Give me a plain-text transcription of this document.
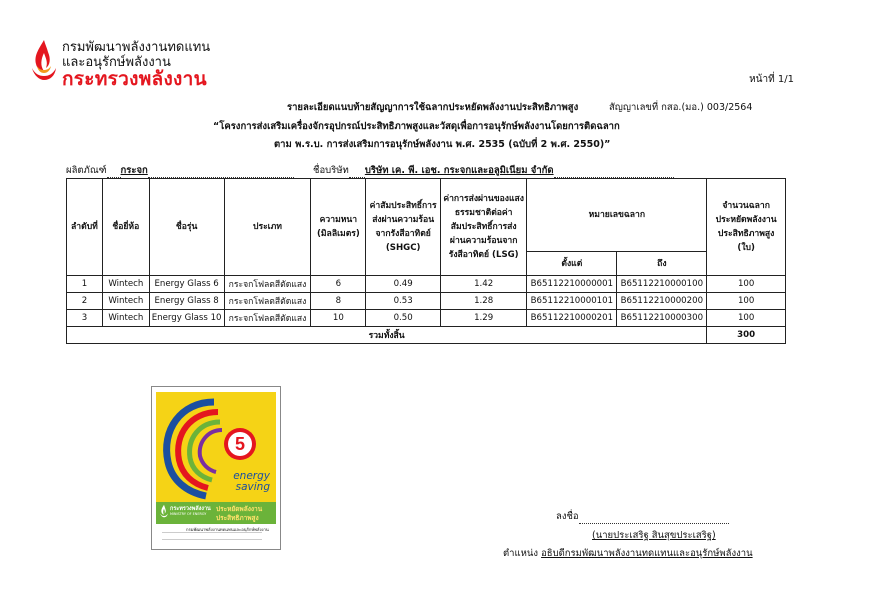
กรมพัฒนาพลังงานทดแทน
และอนุรักษ์พลังงาน
กระทรวงพลังงาน	หน้าที่ 1/1
รายละเอียดแนบท้ายสัญญาการใช้ฉลากประหยัดพลังงานประสิทธิภาพสูง	สัญญาเลขที่ กสอ.(มอ.) 003/2564
“โครงการส่งเสริมเครื่องจักรอุปกรณ์ประสิทธิภาพสูงและวัสดุเพื่อการอนุรักษ์พลังงานโดยการติดฉลาก
ตาม พ.ร.บ. การส่งเสริมการอนุรักษ์พลังงาน พ.ศ. 2535 (ฉบับที่ 2 พ.ศ. 2550)”
ผลิตภัณฑ์ กระจก	ชื่อบริษัท บริษัท เค. พี. เอช. กระจกและอลูมิเนียม จำกัด
ลำดับที่	ชื่อยี่ห้อ	ชื่อรุ่น	ประเภท	ความหนา (มิลลิเมตร)	ค่าสัมประสิทธิ์การส่งผ่านความร้อนจากรังสีอาทิตย์ (SHGC)	ค่าการส่งผ่านของแสงธรรมชาติต่อค่าสัมประสิทธิ์การส่งผ่านความร้อนจากรังสีอาทิตย์ (LSG)	หมายเลขฉลาก		จำนวนฉลากประหยัดพลังงานประสิทธิภาพสูง (ใบ)
							ตั้งแต่	ถึง	
1	Wintech	Energy Glass 6	กระจกโฟลตสีตัดแสง	6	0.49	1.42	B65112210000001	B65112210000100	100
2	Wintech	Energy Glass 8	กระจกโฟลตสีตัดแสง	8	0.53	1.28	B65112210000101	B65112210000200	100
3	Wintech	Energy Glass 10	กระจกโฟลตสีตัดแสง	10	0.50	1.29	B65112210000201	B65112210000300	100
รวมทั้งสิ้น									300
5
energy
saving
กระทรวงพลังงาน
MINISTRY OF ENERGY
ประหยัดพลังงาน
ประสิทธิภาพสูง
กรมพัฒนาพลังงานทดแทนและอนุรักษ์พลังงาน
ลงชื่อ
(นายประเสริฐ สินสุขประเสริฐ)
ตำแหน่ง อธิบดีกรมพัฒนาพลังงานทดแทนและอนุรักษ์พลังงาน
